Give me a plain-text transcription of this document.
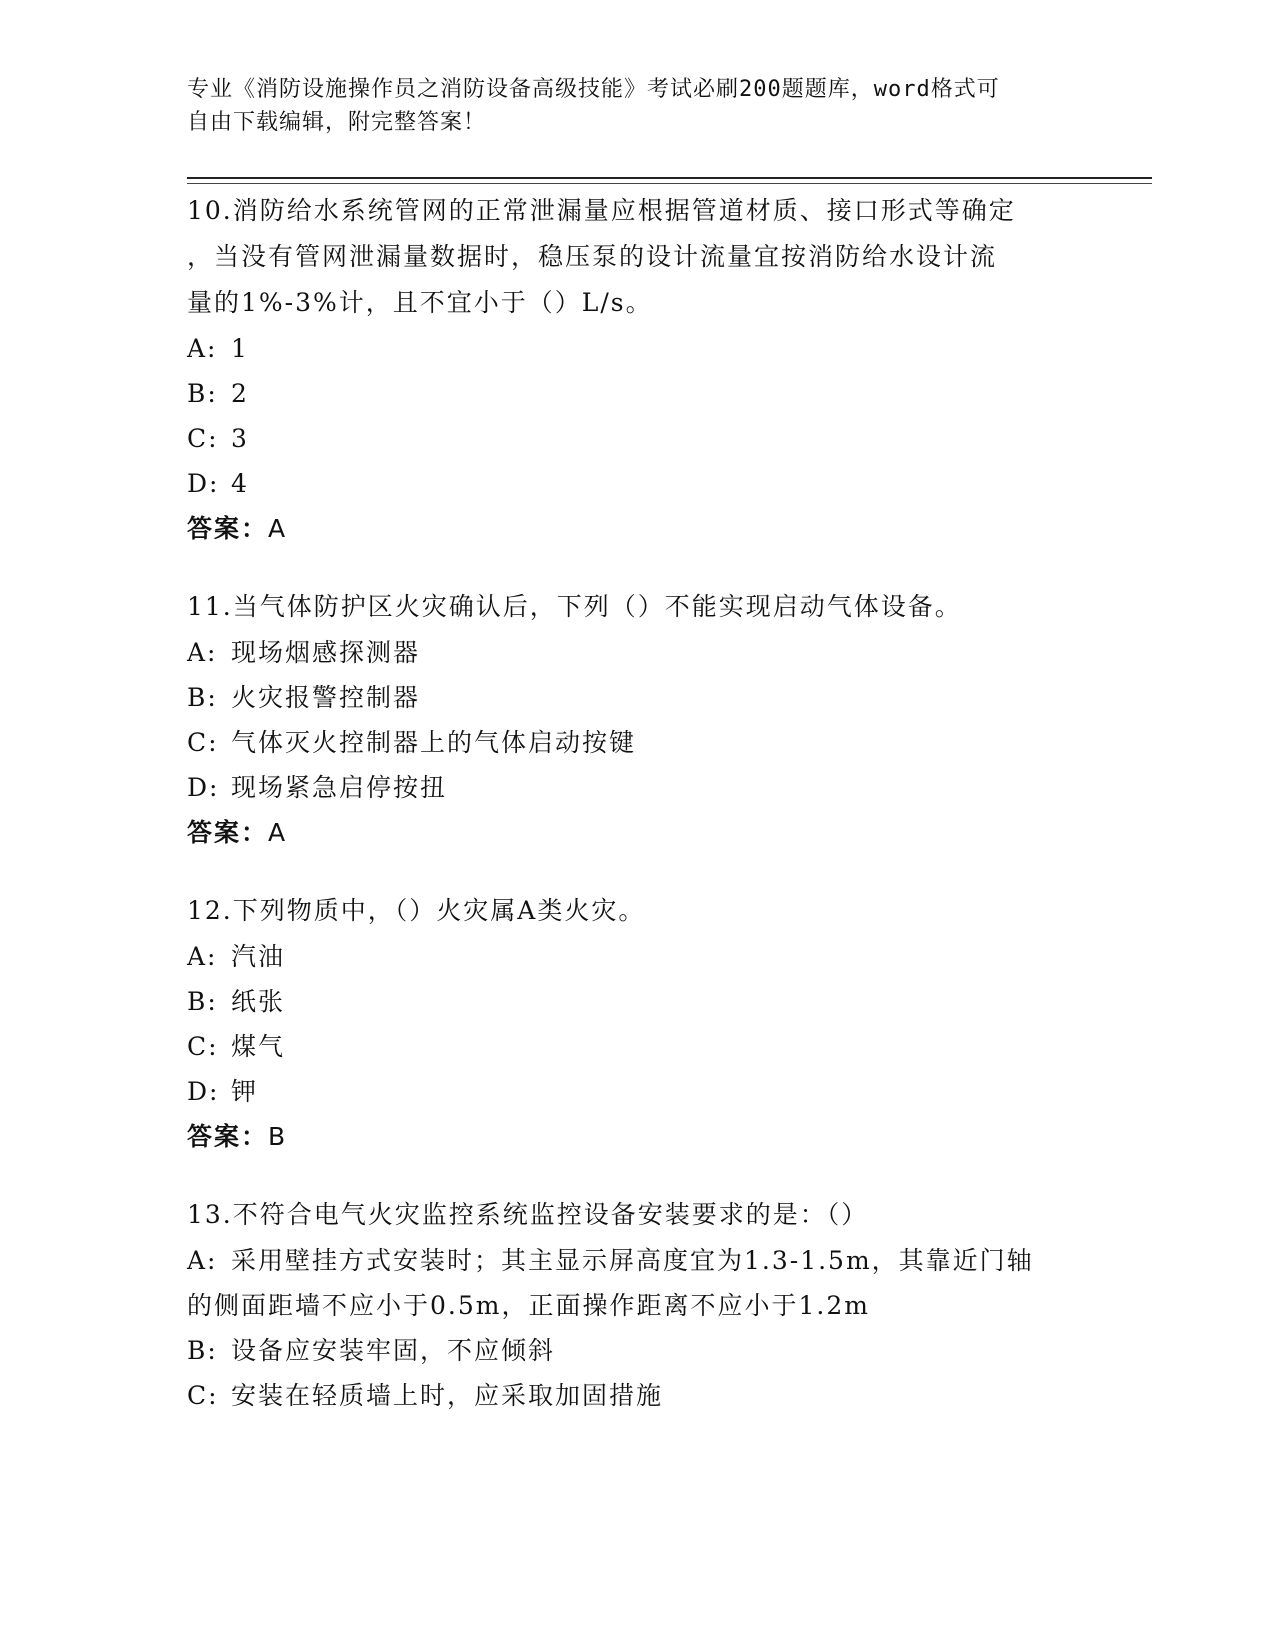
专业《消防设施操作员之消防设备高级技能》考试必刷200题题库，word格式可
自由下载编辑，附完整答案！

10.消防给水系统管网的正常泄漏量应根据管道材质、接口形式等确定

，当没有管网泄漏量数据时，稳压泵的设计流量宜按消防给水设计流

量的1%-3%计，且不宜小于（）L/s。

A: 1

B: 2

C: 3

D: 4

答案：A

11.当气体防护区火灾确认后，下列（）不能实现启动气体设备。

A: 现场烟感探测器

B: 火灾报警控制器

C: 气体灭火控制器上的气体启动按键

D: 现场紧急启停按扭

答案：A

12.下列物质中，（）火灾属A类火灾。

A: 汽油

B: 纸张

C: 煤气

D: 钾

答案：B

13.不符合电气火灾监控系统监控设备安装要求的是：（）

A: 采用壁挂方式安装时；其主显示屏高度宜为1.3-1.5m，其靠近门轴

的侧面距墙不应小于0.5m，正面操作距离不应小于1.2m

B: 设备应安装牢固，不应倾斜

C: 安装在轻质墙上时，应采取加固措施
